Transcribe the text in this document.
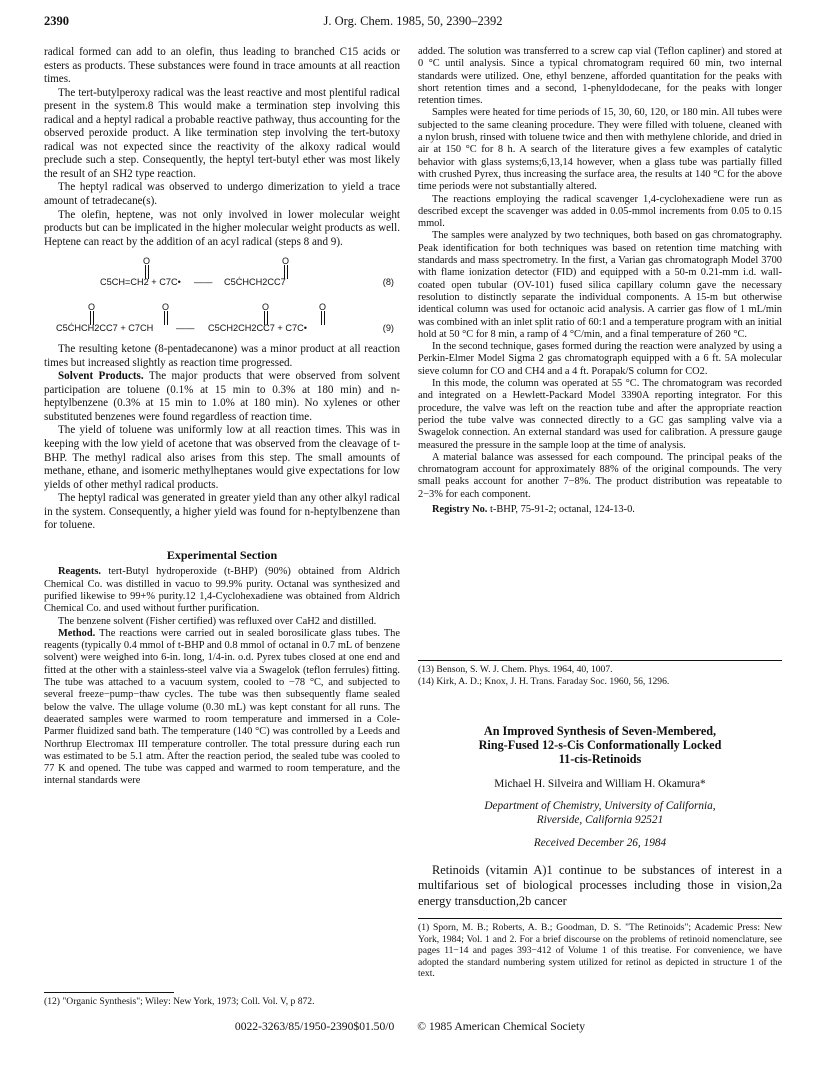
2390	J. Org. Chem. 1985, 50, 2390–2392

radical formed can add to an olefin, thus leading to branched C15 acids or esters as products. These substances were found in trace amounts at all reaction times.

The tert-butylperoxy radical was the least reactive and most plentiful radical present in the system.8 This would make a termination step involving this radical and a heptyl radical a probable reactive pathway, thus accounting for the observed peroxide product. A like termination step involving the tert-butoxy radical was not expected since the reactivity of the alkoxy radical would preclude such a step. Consequently, the heptyl tert-butyl ether was most likely the result of an SH2 type reaction.

The heptyl radical was observed to undergo dimerization to yield a trace amount of tetradecane(s).

The olefin, heptene, was not only involved in lower molecular weight products but can be implicated in the higher molecular weight products as well. Heptene can react by the addition of an acyl radical (steps 8 and 9).

O	O
C5CH=CH2 + C7C• —— C5ĊHCH2CC7	(8)
O	O	O	O
C5ĊHCH2CC7 + C7CH —— C5CH2CH2CC7 + C7C•	(9)

The resulting ketone (8-pentadecanone) was a minor product at all reaction times but increased slightly as reaction time progressed.

Solvent Products. The major products that were observed from solvent participation are toluene (0.1% at 15 min to 0.3% at 180 min) and n-heptylbenzene (0.3% at 15 min to 1.0% at 180 min). No xylenes or other substituted benzenes were found regardless of reaction time.

The yield of toluene was uniformly low at all reaction times. This was in keeping with the low yield of acetone that was observed from the cleavage of t-BHP. The methyl radical also arises from this step. The small amounts of methane, ethane, and isomeric methylheptanes would give expectations for low yields of other methyl radical products.

The heptyl radical was generated in greater yield than any other alkyl radical in the system. Consequently, a higher yield was found for n-heptylbenzene than for toluene.

Experimental Section

Reagents. tert-Butyl hydroperoxide (t-BHP) (90%) obtained from Aldrich Chemical Co. was distilled in vacuo to 99.9% purity. Octanal was synthesized and purified likewise to 99+% purity.12 1,4-Cyclohexadiene was obtained from Aldrich Chemical Co. and used without further purification.

The benzene solvent (Fisher certified) was refluxed over CaH2 and distilled.

Method. The reactions were carried out in sealed borosilicate glass tubes. The reagents (typically 0.4 mmol of t-BHP and 0.8 mmol of octanal in 0.7 mL of benzene solvent) were weighed into 6-in. long, 1/4-in. o.d. Pyrex tubes closed at one end and fitted at the other with a stainless-steel valve via a Swagelok (teflon ferrules) fitting. The tube was attached to a vacuum system, cooled to −78 °C, and subjected to several freeze−pump−thaw cycles. The tube was then subsequently flame sealed below the valve. The ullage volume (0.30 mL) was kept constant for all runs. The deaerated samples were warmed to room temperature and immersed in a Cole-Parmer fluidized sand bath. The temperature (140 °C) was controlled by a Leeds and Northrup Electromax III temperature controller. The total pressure during each run was estimated to be 5.1 atm. After the reaction period, the sealed tube was cooled to 77 K and opened. The tube was capped and warmed to room temperature, and the internal standards were

(12) "Organic Synthesis"; Wiley: New York, 1973; Coll. Vol. V, p 872.

added. The solution was transferred to a screw cap vial (Teflon capliner) and stored at 0 °C until analysis. Since a typical chromatogram required 60 min, two internal standards were utilized. One, ethyl benzene, afforded quantitation for the peaks with short retention times and a second, 1-phenyldodecane, for the peaks with longer retention times.

Samples were heated for time periods of 15, 30, 60, 120, or 180 min. All tubes were subjected to the same cleaning procedure. They were filled with toluene, cleaned with a nylon brush, rinsed with toluene twice and then with methylene chloride, and dried in air at 150 °C for 8 h. A search of the literature gives a few examples of catalytic behavior with glass systems;6,13,14 however, when a glass tube was partially filled with crushed Pyrex, thus increasing the surface area, the results at 140 °C for the above time periods were not substantially altered.

The reactions employing the radical scavenger 1,4-cyclohexadiene were run as described except the scavenger was added in 0.05-mmol increments from 0.05 to 0.15 mmol.

The samples were analyzed by two techniques, both based on gas chromatography. Peak identification for both techniques was based on retention time matching with standards and mass spectrometry. In the first, a Varian gas chromatograph Model 3700 with flame ionization detector (FID) and equipped with a 50-m 0.21-mm i.d. wall-coated open tubular (OV-101) fused silica capillary column gave the necessary resolution to distinctly separate the individual components. A 15-m but otherwise identical column was used for octanoic acid analysis. A carrier gas flow of 1 mL/min was combined with an inlet split ratio of 60:1 and a temperature program with an initial hold at 50 °C for 8 min, a ramp of 4 °C/min, and a final temperature of 260 °C.

In the second technique, gases formed during the reaction were analyzed by using a Perkin-Elmer Model Sigma 2 gas chromatograph equipped with a 6 ft. 5A molecular sieve column for CO and CH4 and a 4 ft. Porapak/S column for CO2.

In this mode, the column was operated at 55 °C. The chromatogram was recorded and integrated on a Hewlett-Packard Model 3390A reporting integrator. For this procedure, the valve was left on the reaction tube and after the appropriate reaction period the tube valve was connected directly to a GC gas sampling valve via a Swagelok connection. An external standard was used for calibration. A pressure gauge measured the pressure in the sample loop at the time of analysis.

A material balance was assessed for each compound. The principal peaks of the chromatogram account for approximately 88% of the original compounds. The very small peaks account for another 7−8%. The product distribution was repeatable to 2−3% for each component.

Registry No. t-BHP, 75-91-2; octanal, 124-13-0.

(13) Benson, S. W. J. Chem. Phys. 1964, 40, 1007.

(14) Kirk, A. D.; Knox, J. H. Trans. Faraday Soc. 1960, 56, 1296.

An Improved Synthesis of Seven-Membered,
Ring-Fused 12-s-Cis Conformationally Locked
11-cis-Retinoids
Michael H. Silveira and William H. Okamura*
Department of Chemistry, University of California,
Riverside, California 92521
Received December 26, 1984

Retinoids (vitamin A)1 continue to be substances of interest in a multifarious set of biological processes including those in vision,2a energy transduction,2b cancer

(1) Sporn, M. B.; Roberts, A. B.; Goodman, D. S. "The Retinoids"; Academic Press: New York, 1984; Vol. 1 and 2. For a brief discourse on the problems of retinoid nomenclature, see pages 11−14 and pages 393−412 of Volume 1 of this treatise. For convenience, we have adopted the standard numbering system utilized for retinol as depicted in structure 1 of the text.

0022-3263/85/1950-2390$01.50/0 © 1985 American Chemical Society
